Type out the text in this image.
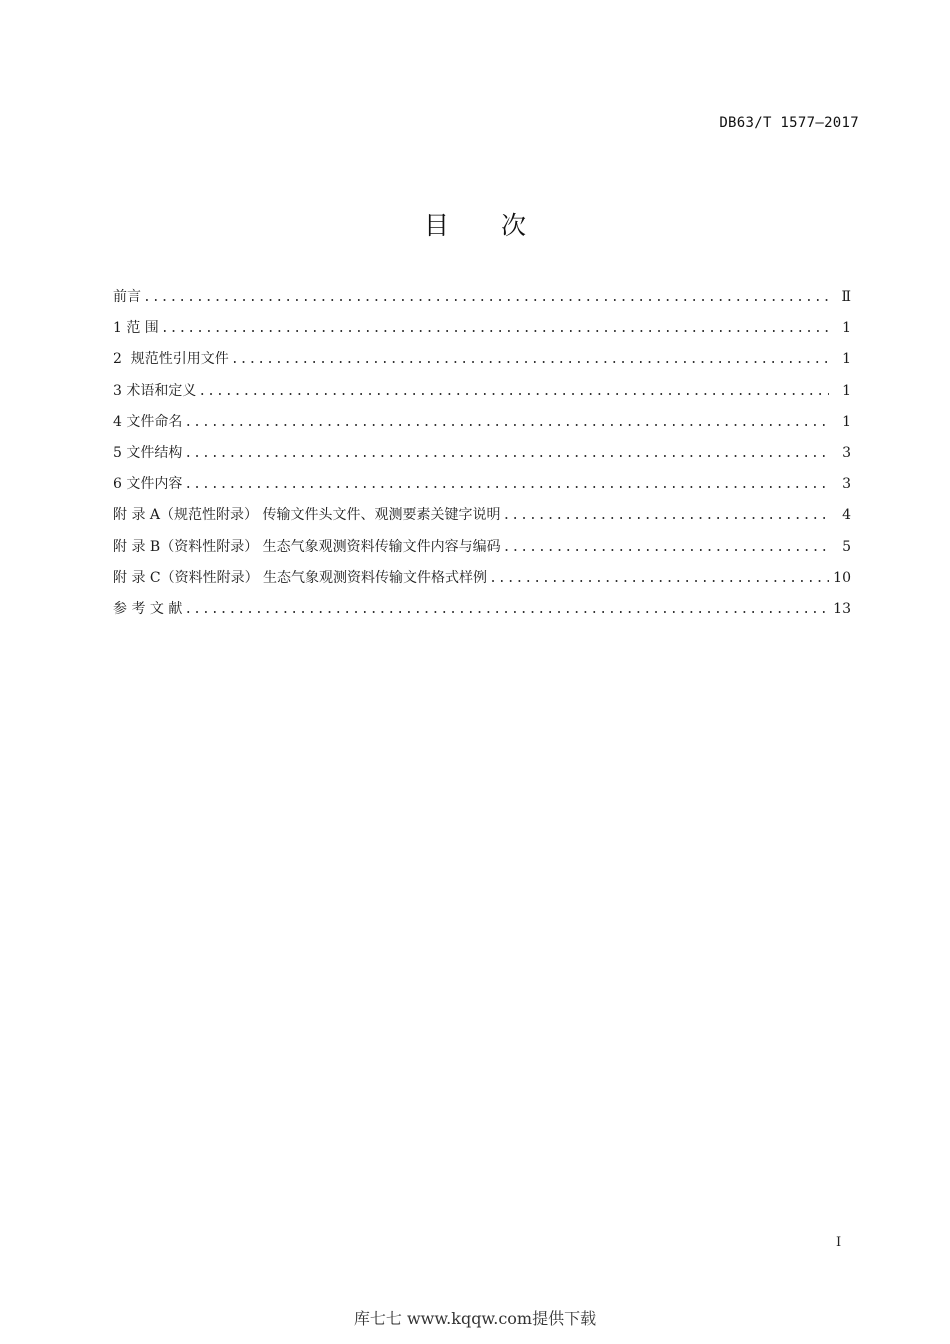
DB63/T 1577—2017
目次
前言 .....	Ⅱ
1 范 围 .....	1
2  规范性引用文件 .....	1
3 术语和定义 .....	1
4 文件命名 .....	1
5 文件结构 .....	3
6 文件内容 .....	3
附 录 A（规范性附录） 传输文件头文件、观测要素关键字说明 .....	4
附 录 B（资料性附录） 生态气象观测资料传输文件内容与编码 .....	5
附 录 C（资料性附录） 生态气象观测资料传输文件格式样例 .....	10
参 考 文 献 .....	13
I
库七七 www.kqqw.com提供下载
